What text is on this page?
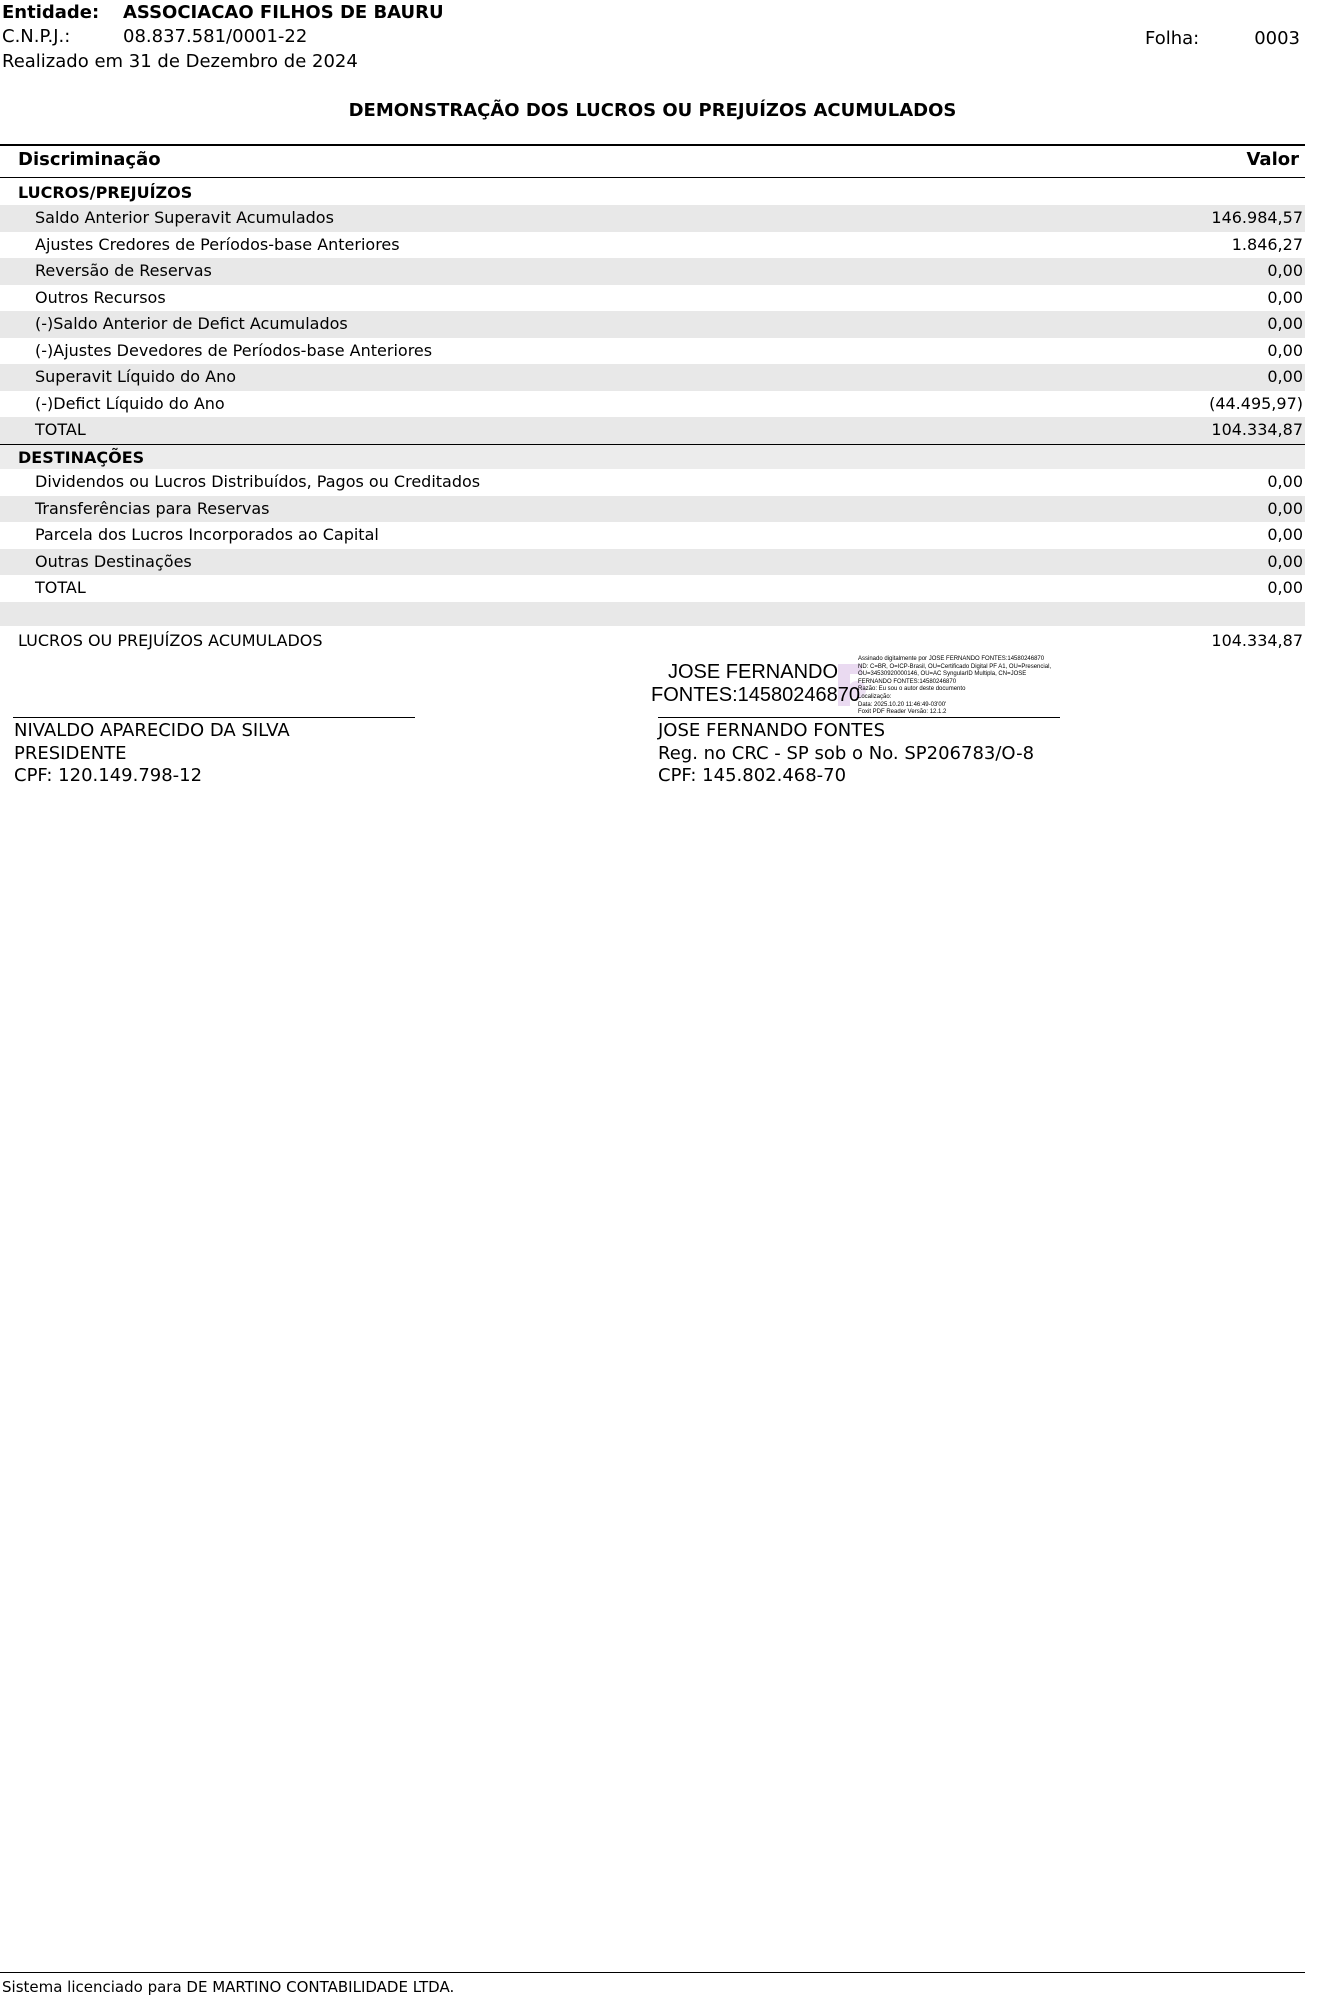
Entidade: ASSOCIACAO FILHOS DE BAURU
C.N.P.J.:	08.837.581/0001-22
Realizado em 31 de Dezembro de 2024
Folha:	0003
DEMONSTRAÇÃO DOS LUCROS OU PREJUÍZOS ACUMULADOS
Discriminação	Valor
LUCROS/PREJUÍZOS
Saldo Anterior Superavit Acumulados	146.984,57
Ajustes Credores de Períodos-base Anteriores	1.846,27
Reversão de Reservas	0,00
Outros Recursos	0,00
(-)Saldo Anterior de Defict Acumulados	0,00
(-)Ajustes Devedores de Períodos-base Anteriores	0,00
Superavit Líquido do Ano	0,00
(-)Defict Líquido do Ano	(44.495,97)
TOTAL	104.334,87
DESTINAÇÕES
Dividendos ou Lucros Distribuídos, Pagos ou Creditados	0,00
Transferências para Reservas	0,00
Parcela dos Lucros Incorporados ao Capital	0,00
Outras Destinações	0,00
TOTAL	0,00
LUCROS OU PREJUÍZOS ACUMULADOS	104.334,87
JOSE FERNANDO
FONTES:14580246870
Assinado digitalmente por JOSE FERNANDO FONTES:14580246870
ND: C=BR, O=ICP-Brasil, OU=Certificado Digital PF A1, OU=Presencial,
OU=34530920000146, OU=AC SyngularID Multipla, CN=JOSE
FERNANDO FONTES:14580246870
Razão: Eu sou o autor deste documento
Localização:
Data: 2025.10.20 11:46:49-03'00'
Foxit PDF Reader Versão: 12.1.2
NIVALDO APARECIDO DA SILVA
PRESIDENTE
CPF: 120.149.798-12
JOSE FERNANDO FONTES
Reg. no CRC - SP sob o No. SP206783/O-8
CPF: 145.802.468-70
Sistema licenciado para DE MARTINO CONTABILIDADE LTDA.
